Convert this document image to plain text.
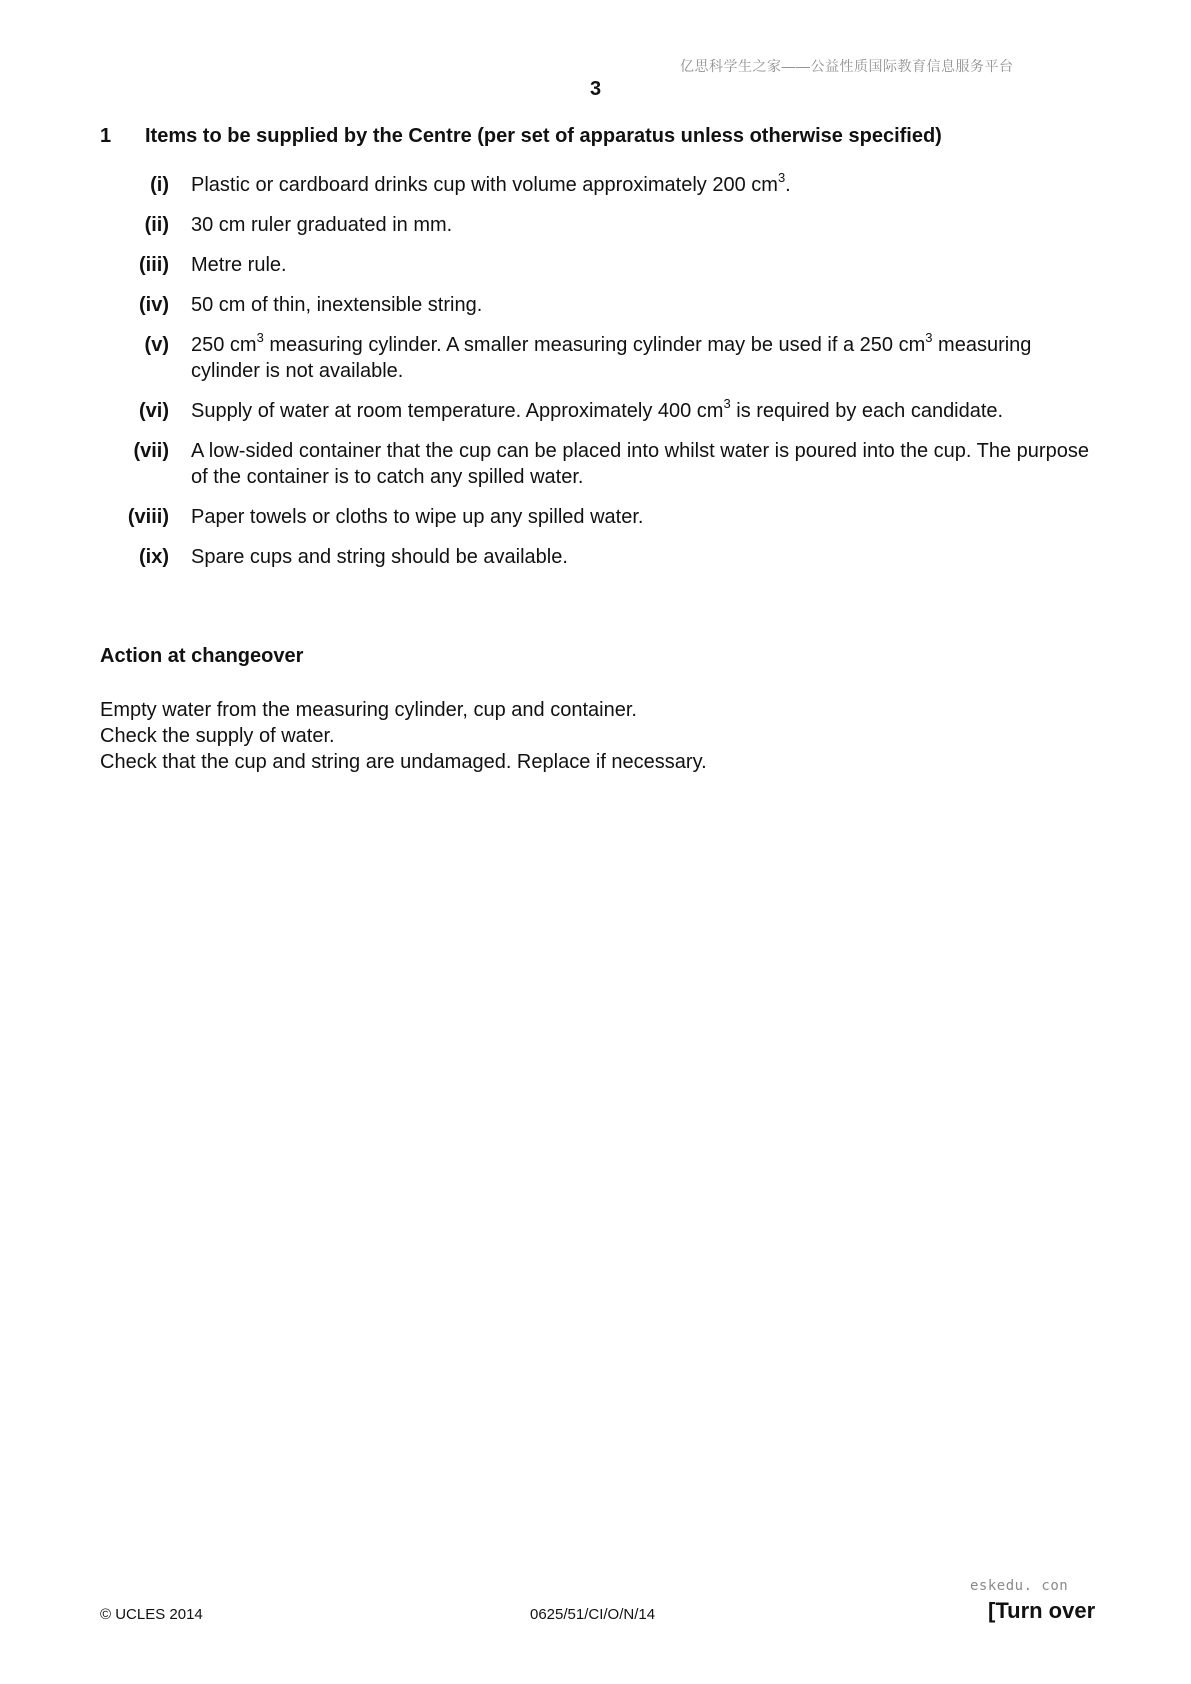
亿思科学生之家——公益性质国际教育信息服务平台
3
1 Items to be supplied by the Centre (per set of apparatus unless otherwise specified)
(i) Plastic or cardboard drinks cup with volume approximately 200 $cm^3$.
(ii) 30 cm ruler graduated in mm.
(iii) Metre rule.
(iv) 50 cm of thin, inextensible string.
(v) 250 $cm^3$ measuring cylinder. A smaller measuring cylinder may be used if a 250 $cm^3$ measuring cylinder is not available.
(vi) Supply of water at room temperature. Approximately 400 $cm^3$ is required by each candidate.
(vii) A low-sided container that the cup can be placed into whilst water is poured into the cup. The purpose of the container is to catch any spilled water.
(viii) Paper towels or cloths to wipe up any spilled water.
(ix) Spare cups and string should be available.
Action at changeover
Empty water from the measuring cylinder, cup and container.
Check the supply of water.
Check that the cup and string are undamaged. Replace if necessary.
© UCLES 2014	0625/51/CI/O/N/14
eskedu. con
[Turn over
